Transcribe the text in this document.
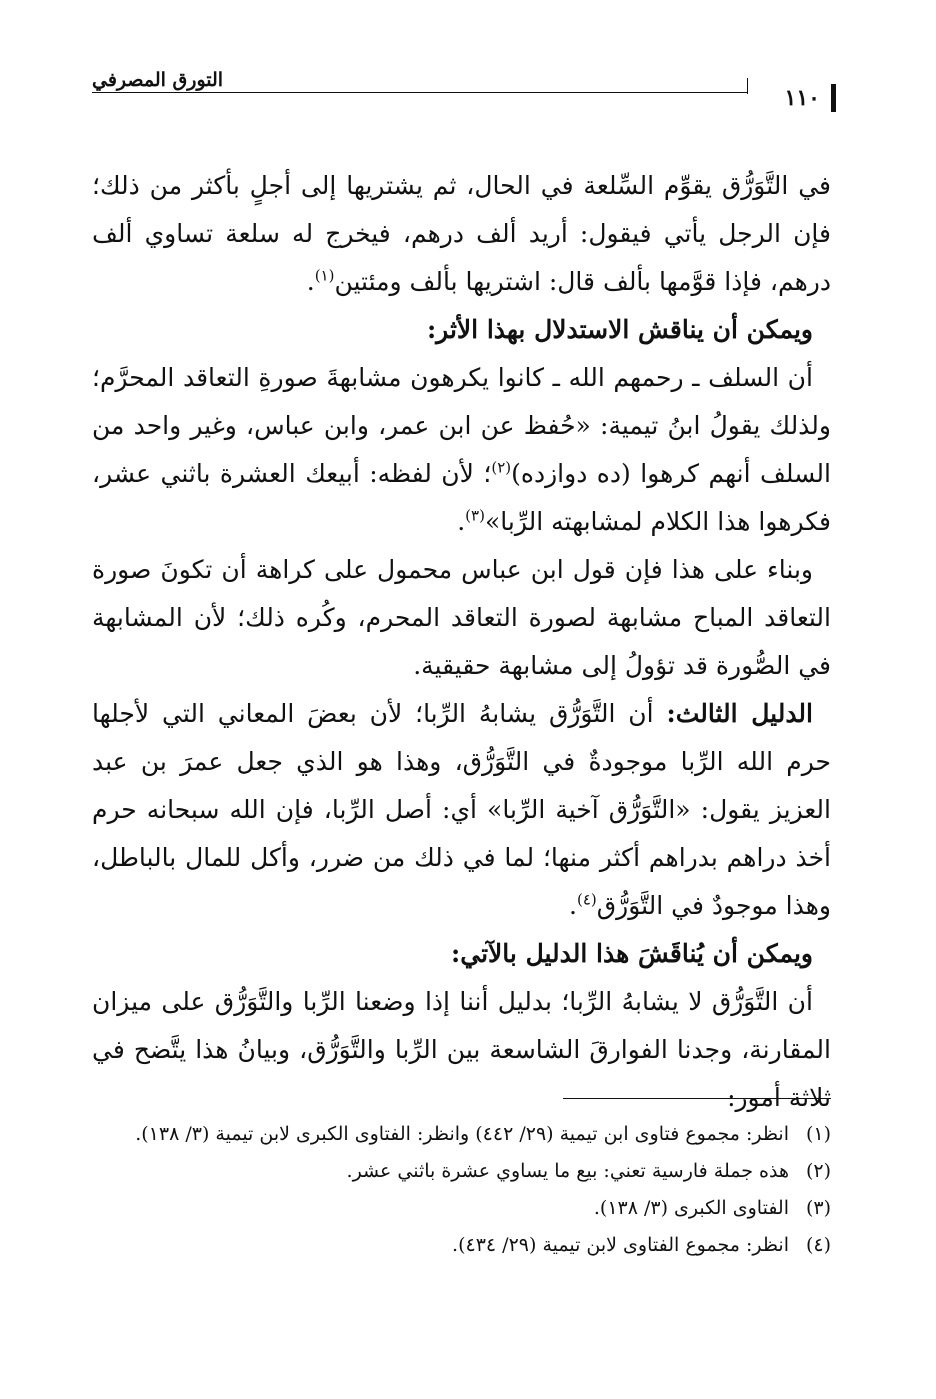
١١٠
التورق المصرفي

في التَّوَرُّق يقوِّم السِّلعة في الحال، ثم يشتريها إلى أجلٍ بأكثر من ذلك؛ فإن الرجل يأتي فيقول: أريد ألف درهم، فيخرج له سلعة تساوي ألف درهم، فإذا قوَّمها بألف قال: اشتريها بألف ومئتين$^{(١)}$.

ويمكن أن يناقش الاستدلال بهذا الأثر:

أن السلف ـ رحمهم الله ـ كانوا يكرهون مشابهةَ صورةِ التعاقد المحرَّم؛ ولذلك يقولُ ابنُ تيمية: «حُفظ عن ابن عمر، وابن عباس، وغير واحد من السلف أنهم كرهوا (ده دوازده)$^{(٢)}$؛ لأن لفظه: أبيعك العشرة باثني عشر، فكرهوا هذا الكلام لمشابهته الرِّبا»$^{(٣)}$.

وبناء على هذا فإن قول ابن عباس محمول على كراهة أن تكونَ صورة التعاقد المباح مشابهة لصورة التعاقد المحرم، وكُره ذلك؛ لأن المشابهة في الصُّورة قد تؤولُ إلى مشابهة حقيقية.

الدليل الثالث: أن التَّوَرُّق يشابهُ الرِّبا؛ لأن بعضَ المعاني التي لأجلها حرم الله الرِّبا موجودةٌ في التَّوَرُّق، وهذا هو الذي جعل عمرَ بن عبد العزيز يقول: «التَّوَرُّق آخية الرِّبا» أي: أصل الرِّبا، فإن الله سبحانه حرم أخذ دراهم بدراهم أكثر منها؛ لما في ذلك من ضرر، وأكل للمال بالباطل، وهذا موجودٌ في التَّوَرُّق$^{(٤)}$.

ويمكن أن يُناقَشَ هذا الدليل بالآتي:

أن التَّوَرُّق لا يشابهُ الرِّبا؛ بدليل أننا إذا وضعنا الرِّبا والتَّوَرُّق على ميزان المقارنة، وجدنا الفوارقَ الشاسعة بين الرِّبا والتَّوَرُّق، وبيانُ هذا يتَّضح في ثلاثة أمور:

(١)
انظر: مجموع فتاوى ابن تيمية (٢٩/ ٤٤٢) وانظر: الفتاوى الكبرى لابن تيمية (٣/ ١٣٨).
(٢)
هذه جملة فارسية تعني: بيع ما يساوي عشرة باثني عشر.
(٣)
الفتاوى الكبرى (٣/ ١٣٨).
(٤)
انظر: مجموع الفتاوى لابن تيمية (٢٩/ ٤٣٤).
